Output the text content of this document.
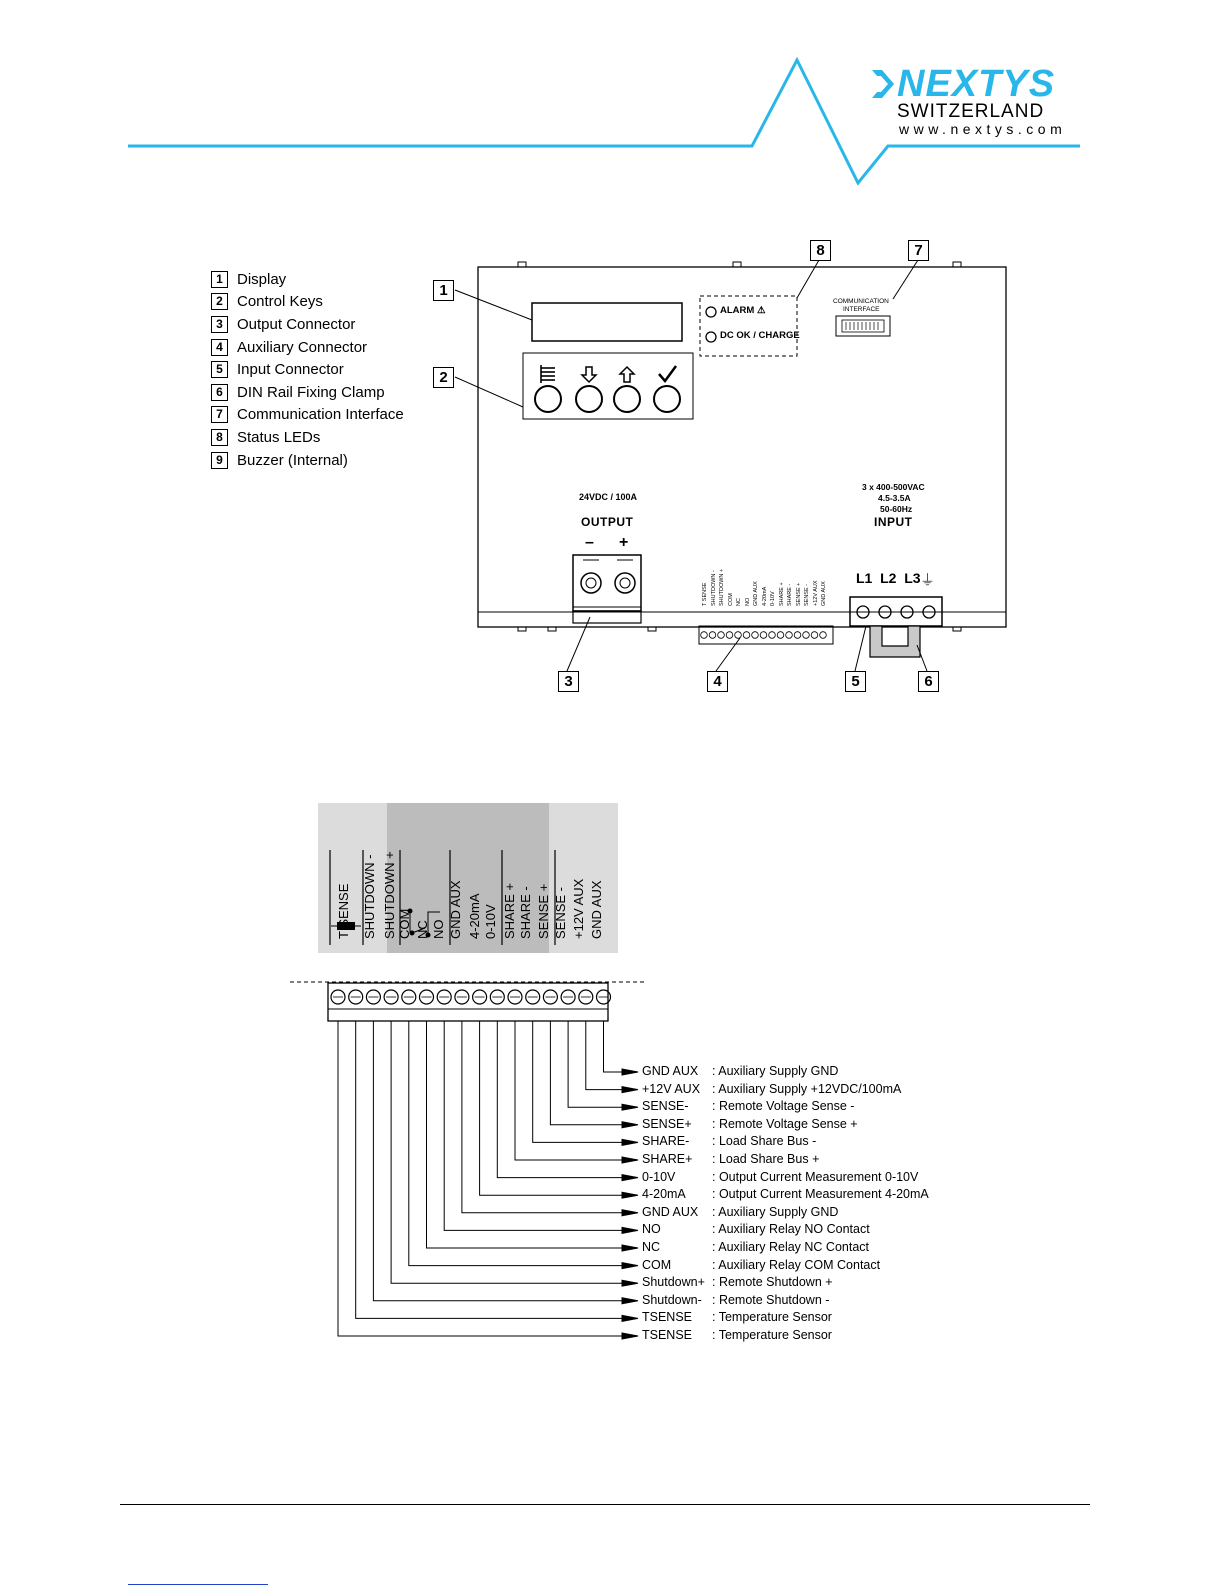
NEXTYS
SWITZERLAND
www.nextys.com
1 Display
2 Control Keys
3 Output Connector
4 Auxiliary Connector
5 Input Connector
6 DIN Rail Fixing Clamp
7 Communication Interface
8 Status LEDs
9 Buzzer (Internal)
1
2
3	4	5	6
7
8
ALARM ⚠
DC OK / CHARGE
COMMUNICATION
INTERFACE
24VDC / 100A
OUTPUT
– +
3 x 400-500VAC
4.5-3.5A
50-60Hz
INPUT
L1  L2  L3 ⏚
T SENSE SHUTDOWN - SHUTDOWN + COM NC NO GND AUX 4-20mA 0-10V SHARE + SHARE - SENSE + SENSE - +12V AUX GND AUX
T SENSE SHUTDOWN - SHUTDOWN + COM NC NO GND AUX 4-20mA 0-10V SHARE + SHARE - SENSE + SENSE - +12V AUX GND AUX
GND AUX : Auxiliary Supply GND
+12V AUX : Auxiliary Supply +12VDC/100mA
SENSE- : Remote Voltage Sense -
SENSE+ : Remote Voltage Sense +
SHARE- : Load Share Bus -
SHARE+ : Load Share Bus +
0-10V	: Output Current Measurement 0-10V
4-20mA : Output Current Measurement 4-20mA
GND AUX : Auxiliary Supply GND
NO	: Auxiliary Relay NO Contact
NC	: Auxiliary Relay NC Contact
COM	: Auxiliary Relay COM Contact
Shutdown+ : Remote Shutdown +
Shutdown- : Remote Shutdown -
TSENSE : Temperature Sensor
TSENSE : Temperature Sensor
